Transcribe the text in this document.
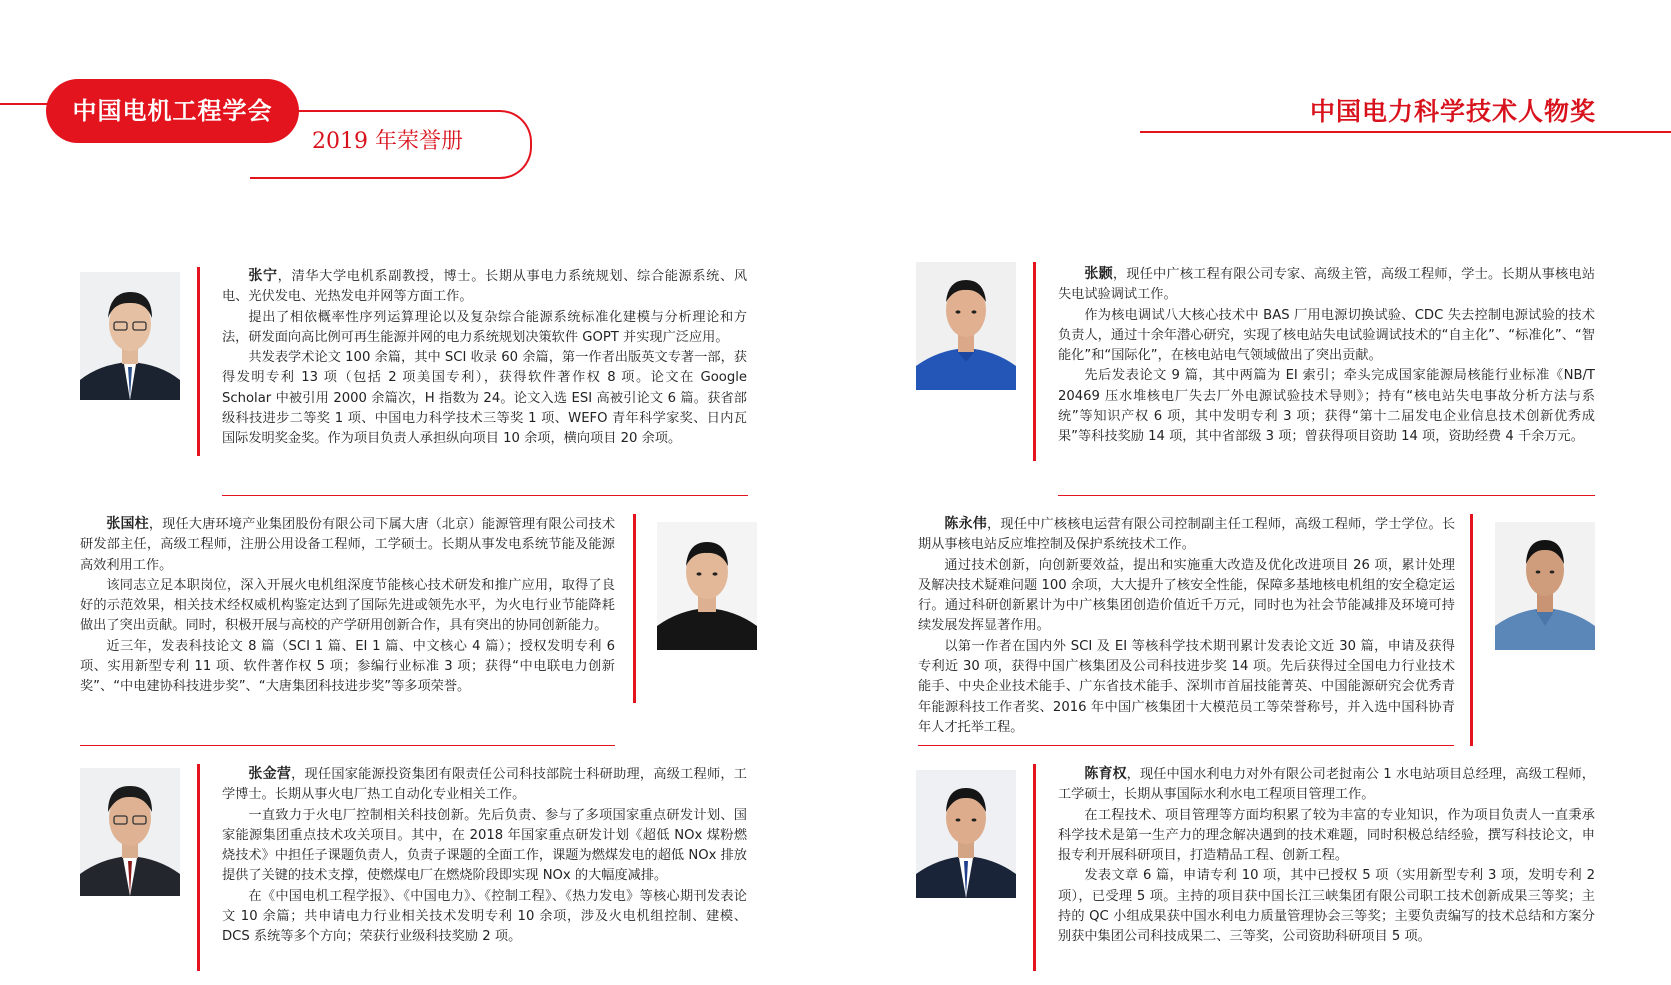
中国电机工程学会
2019 年荣誉册
中国电力科学技术人物奖

张宁，清华大学电机系副教授，博士。长期从事电力系统规划、综合能源系统、风电、光伏发电、光热发电并网等方面工作。

提出了相依概率性序列运算理论以及复杂综合能源系统标准化建模与分析理论和方法，研发面向高比例可再生能源并网的电力系统规划决策软件 GOPT 并实现广泛应用。

共发表学术论文 100 余篇，其中 SCI 收录 60 余篇，第一作者出版英文专著一部，获得发明专利 13 项（包括 2 项美国专利），获得软件著作权 8 项。论文在 Google Scholar 中被引用 2000 余篇次，H 指数为 24。论文入选 ESI 高被引论文 6 篇。获省部级科技进步二等奖 1 项、中国电力科学技术三等奖 1 项、WEFO 青年科学家奖、日内瓦国际发明奖金奖。作为项目负责人承担纵向项目 10 余项，横向项目 20 余项。

张国柱，现任大唐环境产业集团股份有限公司下属大唐（北京）能源管理有限公司技术研发部主任，高级工程师，注册公用设备工程师，工学硕士。长期从事发电系统节能及能源高效利用工作。

该同志立足本职岗位，深入开展火电机组深度节能核心技术研发和推广应用，取得了良好的示范效果，相关技术经权威机构鉴定达到了国际先进或领先水平，为火电行业节能降耗做出了突出贡献。同时，积极开展与高校的产学研用创新合作，具有突出的协同创新能力。

近三年，发表科技论文 8 篇（SCI 1 篇、EI 1 篇、中文核心 4 篇）；授权发明专利 6 项、实用新型专利 11 项、软件著作权 5 项；参编行业标准 3 项；获得“中电联电力创新奖”、“中电建协科技进步奖”、“大唐集团科技进步奖”等多项荣誉。

张金营，现任国家能源投资集团有限责任公司科技部院士科研助理，高级工程师，工学博士。长期从事火电厂热工自动化专业相关工作。

一直致力于火电厂控制相关科技创新。先后负责、参与了多项国家重点研发计划、国家能源集团重点技术攻关项目。其中，在 2018 年国家重点研发计划《超低 NOx 煤粉燃烧技术》中担任子课题负责人，负责子课题的全面工作，课题为燃煤发电的超低 NOx 排放提供了关键的技术支撑，使燃煤电厂在燃烧阶段即实现 NOx 的大幅度减排。

在《中国电机工程学报》、《中国电力》、《控制工程》、《热力发电》等核心期刊发表论文 10 余篇；共申请电力行业相关技术发明专利 10 余项，涉及火电机组控制、建模、DCS 系统等多个方向；荣获行业级科技奖励 2 项。

张颢，现任中广核工程有限公司专家、高级主管，高级工程师，学士。长期从事核电站失电试验调试工作。

作为核电调试八大核心技术中 BAS 厂用电源切换试验、CDC 失去控制电源试验的技术负责人，通过十余年潜心研究，实现了核电站失电试验调试技术的“自主化”、“标准化”、“智能化”和“国际化”，在核电站电气领域做出了突出贡献。

先后发表论文 9 篇，其中两篇为 EI 索引；牵头完成国家能源局核能行业标准《NB/T 20469 压水堆核电厂失去厂外电源试验技术导则》；持有“核电站失电事故分析方法与系统”等知识产权 6 项，其中发明专利 3 项；获得“第十二届发电企业信息技术创新优秀成果”等科技奖励 14 项，其中省部级 3 项；曾获得项目资助 14 项，资助经费 4 千余万元。

陈永伟，现任中广核核电运营有限公司控制副主任工程师，高级工程师，学士学位。长期从事核电站反应堆控制及保护系统技术工作。

通过技术创新，向创新要效益，提出和实施重大改造及优化改进项目 26 项，累计处理及解决技术疑难问题 100 余项，大大提升了核安全性能，保障多基地核电机组的安全稳定运行。通过科研创新累计为中广核集团创造价值近千万元，同时也为社会节能减排及环境可持续发展发挥显著作用。

以第一作者在国内外 SCI 及 EI 等核科学技术期刊累计发表论文近 30 篇，申请及获得专利近 30 项，获得中国广核集团及公司科技进步奖 14 项。先后获得过全国电力行业技术能手、中央企业技术能手、广东省技术能手、深圳市首届技能菁英、中国能源研究会优秀青年能源科技工作者奖、2016 年中国广核集团十大模范员工等荣誉称号，并入选中国科协青年人才托举工程。

陈育权，现任中国水利电力对外有限公司老挝南公 1 水电站项目总经理，高级工程师，工学硕士，长期从事国际水利水电工程项目管理工作。

在工程技术、项目管理等方面均积累了较为丰富的专业知识，作为项目负责人一直秉承科学技术是第一生产力的理念解决遇到的技术难题，同时积极总结经验，撰写科技论文，申报专利开展科研项目，打造精品工程、创新工程。

发表文章 6 篇，申请专利 10 项，其中已授权 5 项（实用新型专利 3 项，发明专利 2 项），已受理 5 项。主持的项目获中国长江三峡集团有限公司职工技术创新成果三等奖；主持的 QC 小组成果获中国水利电力质量管理协会三等奖；主要负责编写的技术总结和方案分别获中集团公司科技成果二、三等奖，公司资助科研项目 5 项。
